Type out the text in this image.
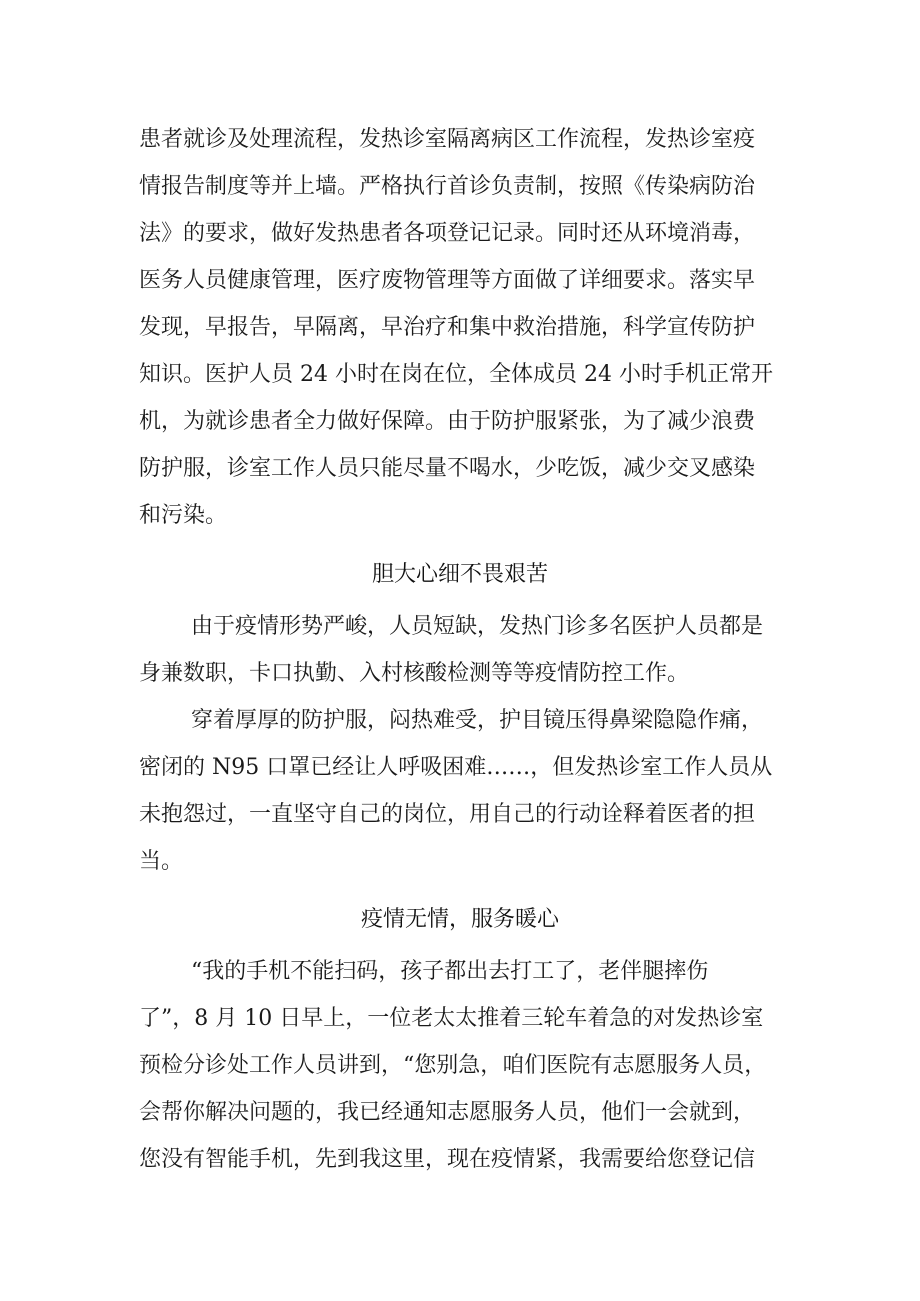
患者就诊及处理流程，发热诊室隔离病区工作流程，发热诊室疫
情报告制度等并上墙。严格执行首诊负责制，按照《传染病防治
法》的要求，做好发热患者各项登记记录。同时还从环境消毒，
医务人员健康管理，医疗废物管理等方面做了详细要求。落实早
发现，早报告，早隔离，早治疗和集中救治措施，科学宣传防护
知识。医护人员 24 小时在岗在位，全体成员 24 小时手机正常开
机，为就诊患者全力做好保障。由于防护服紧张，为了减少浪费
防护服，诊室工作人员只能尽量不喝水，少吃饭，减少交叉感染
和污染。
胆大心细不畏艰苦
由于疫情形势严峻，人员短缺，发热门诊多名医护人员都是
身兼数职，卡口执勤、入村核酸检测等等疫情防控工作。
穿着厚厚的防护服，闷热难受，护目镜压得鼻梁隐隐作痛，
密闭的 N95 口罩已经让人呼吸困难……，但发热诊室工作人员从
未抱怨过，一直坚守自己的岗位，用自己的行动诠释着医者的担
当。
疫情无情，服务暖心
“我的手机不能扫码，孩子都出去打工了，老伴腿摔伤
了”，8 月 10 日早上，一位老太太推着三轮车着急的对发热诊室
预检分诊处工作人员讲到，“您别急，咱们医院有志愿服务人员，
会帮你解决问题的，我已经通知志愿服务人员，他们一会就到，
您没有智能手机，先到我这里，现在疫情紧，我需要给您登记信
